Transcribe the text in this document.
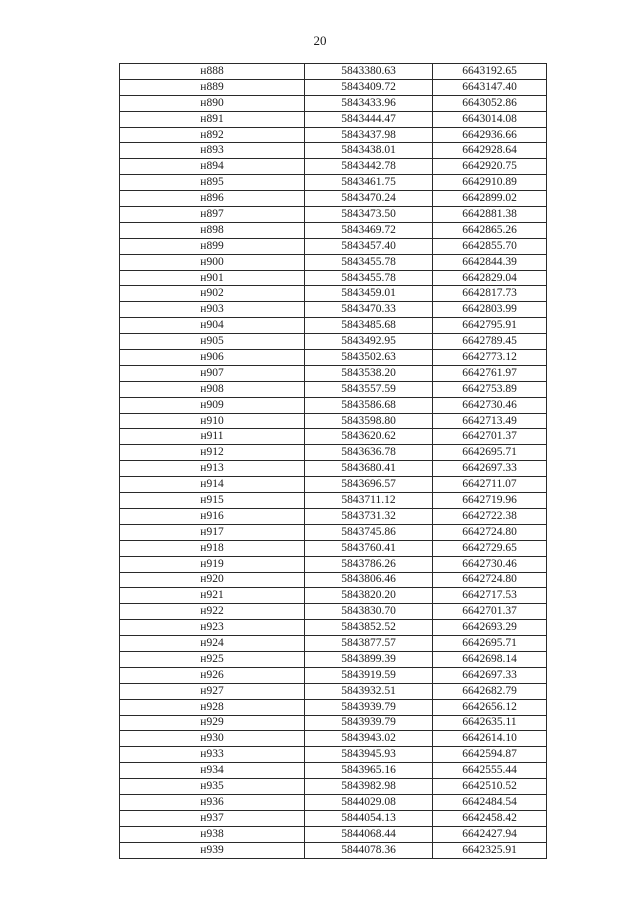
20
н888	5843380.63	6643192.65
н889	5843409.72	6643147.40
н890	5843433.96	6643052.86
н891	5843444.47	6643014.08
н892	5843437.98	6642936.66
н893	5843438.01	6642928.64
н894	5843442.78	6642920.75
н895	5843461.75	6642910.89
н896	5843470.24	6642899.02
н897	5843473.50	6642881.38
н898	5843469.72	6642865.26
н899	5843457.40	6642855.70
н900	5843455.78	6642844.39
н901	5843455.78	6642829.04
н902	5843459.01	6642817.73
н903	5843470.33	6642803.99
н904	5843485.68	6642795.91
н905	5843492.95	6642789.45
н906	5843502.63	6642773.12
н907	5843538.20	6642761.97
н908	5843557.59	6642753.89
н909	5843586.68	6642730.46
н910	5843598.80	6642713.49
н911	5843620.62	6642701.37
н912	5843636.78	6642695.71
н913	5843680.41	6642697.33
н914	5843696.57	6642711.07
н915	5843711.12	6642719.96
н916	5843731.32	6642722.38
н917	5843745.86	6642724.80
н918	5843760.41	6642729.65
н919	5843786.26	6642730.46
н920	5843806.46	6642724.80
н921	5843820.20	6642717.53
н922	5843830.70	6642701.37
н923	5843852.52	6642693.29
н924	5843877.57	6642695.71
н925	5843899.39	6642698.14
н926	5843919.59	6642697.33
н927	5843932.51	6642682.79
н928	5843939.79	6642656.12
н929	5843939.79	6642635.11
н930	5843943.02	6642614.10
н933	5843945.93	6642594.87
н934	5843965.16	6642555.44
н935	5843982.98	6642510.52
н936	5844029.08	6642484.54
н937	5844054.13	6642458.42
н938	5844068.44	6642427.94
н939	5844078.36	6642325.91
